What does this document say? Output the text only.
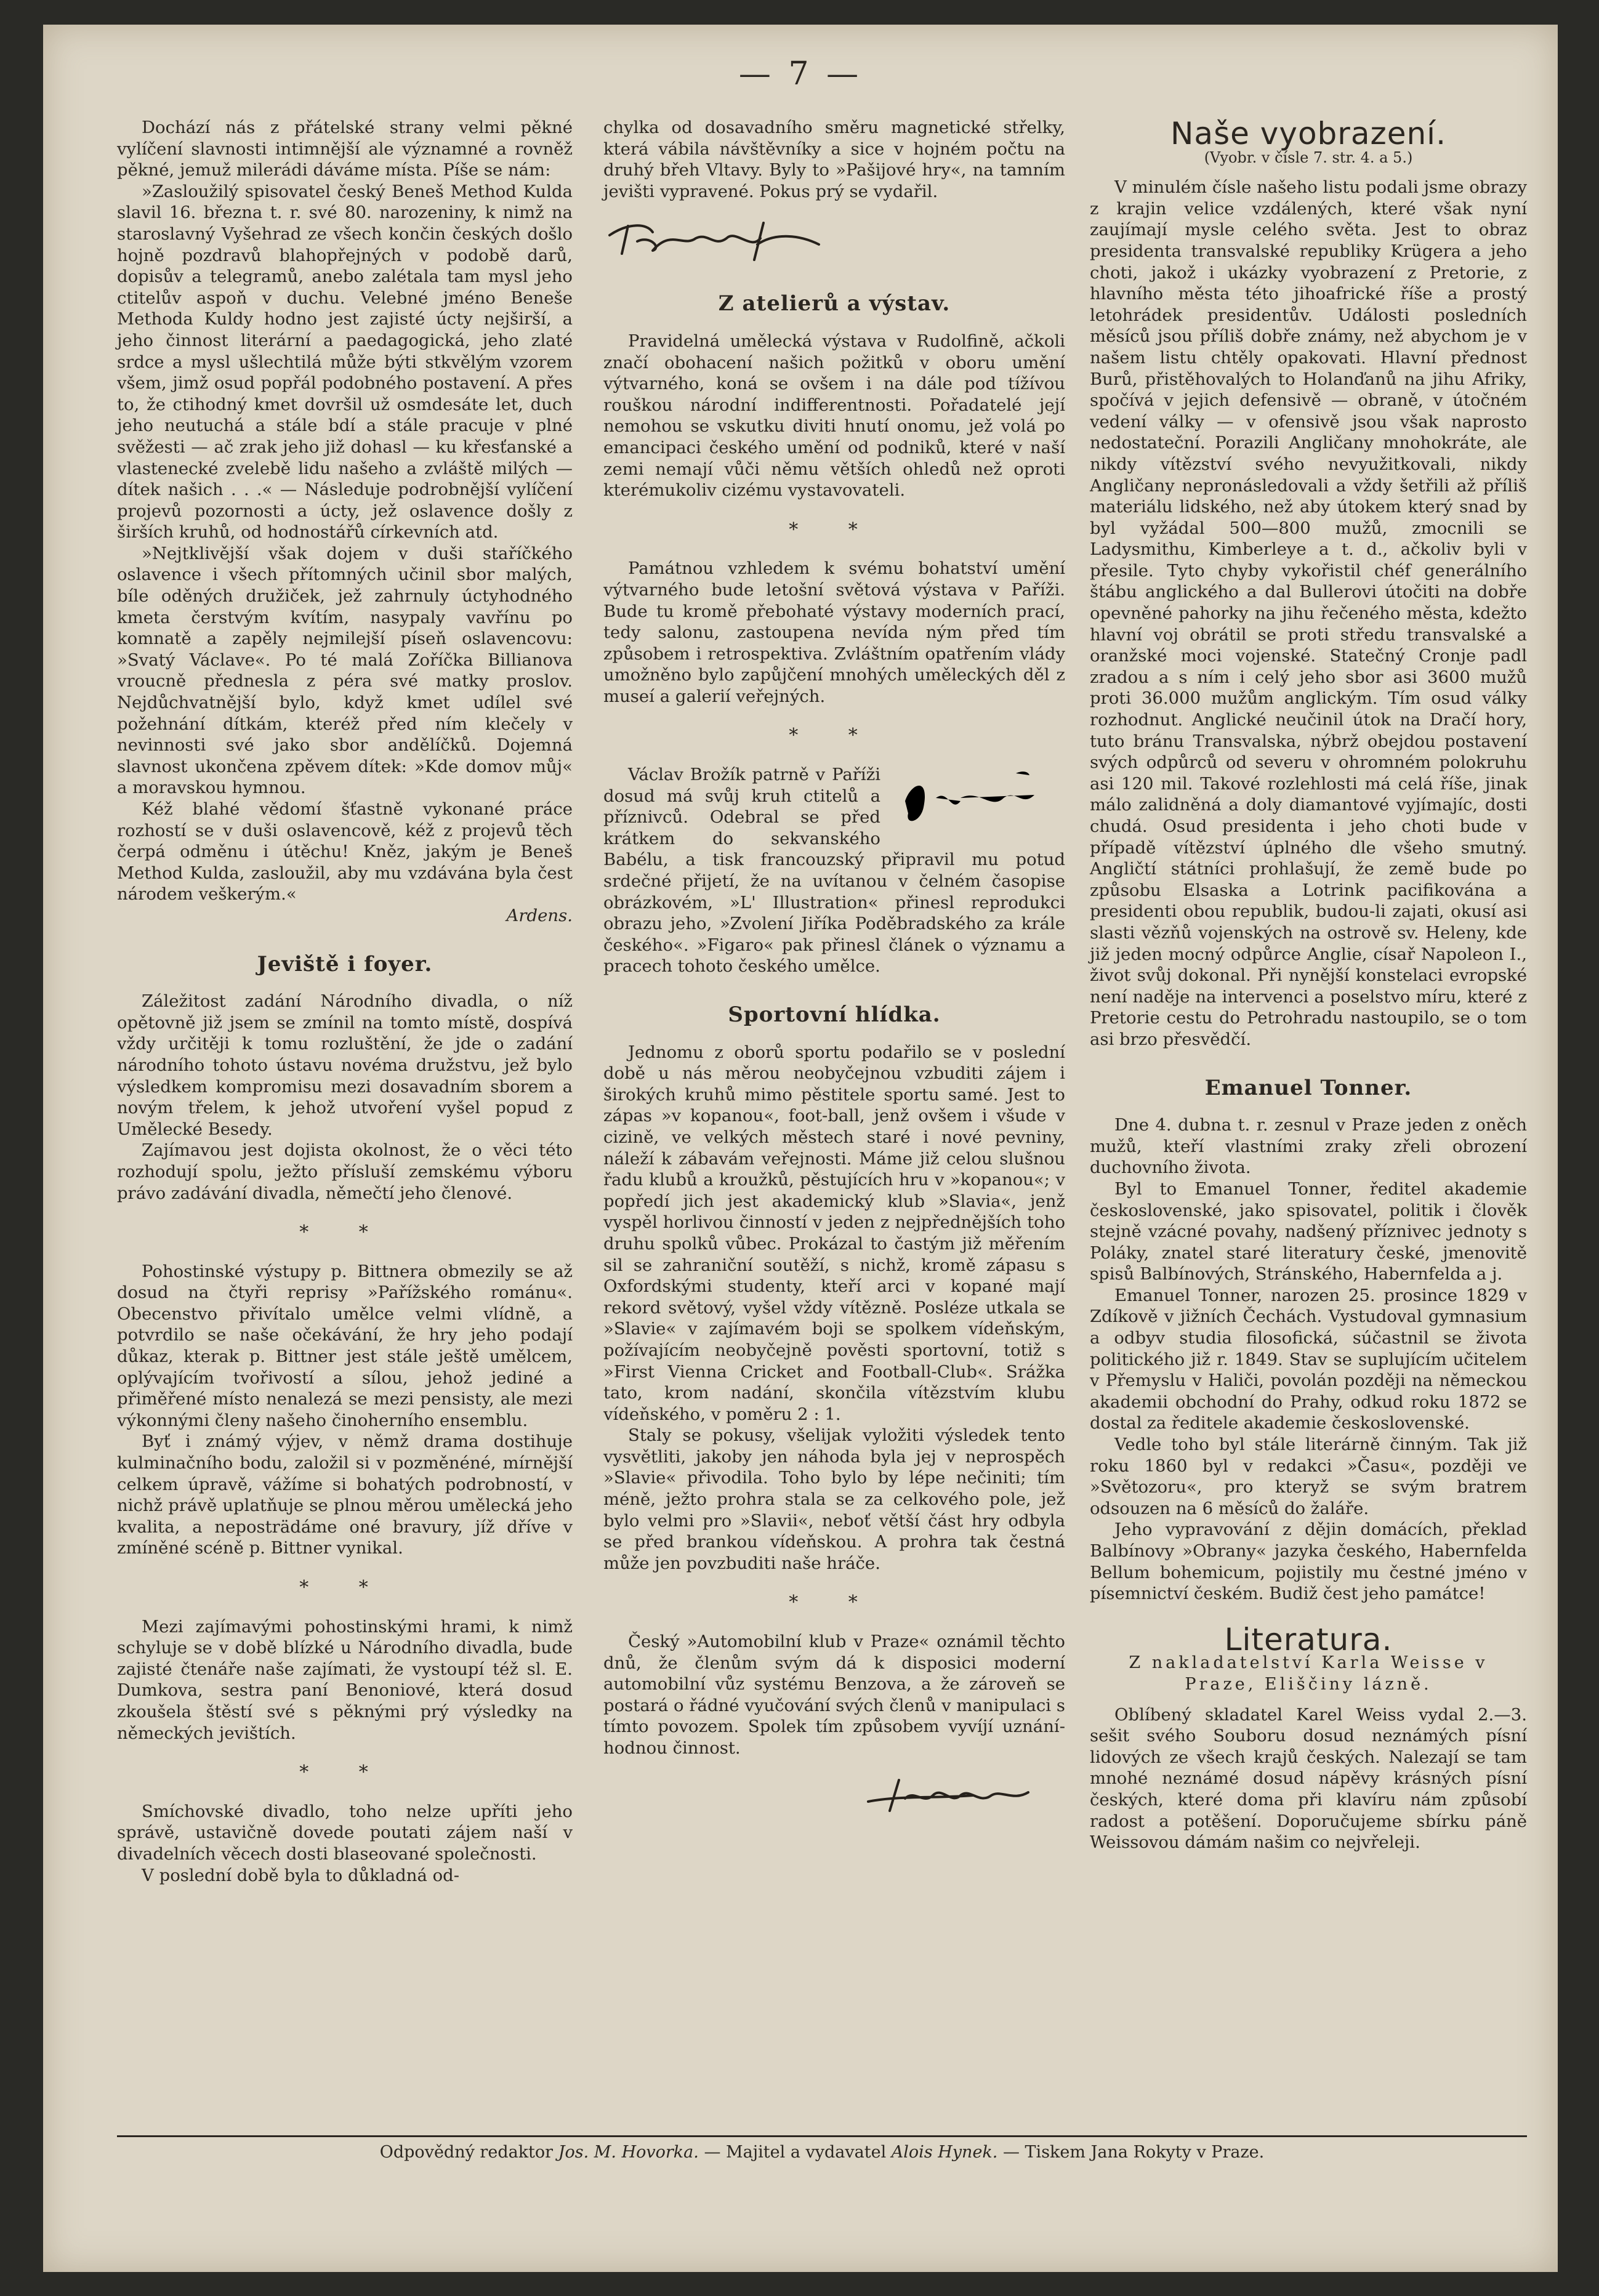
— 7 —

Dochází nás z přátelské strany velmi pěkné vylíčení slavnosti intimnější ale významné a rovněž pěkné, jemuž milerádi dáváme místa. Píše se nám:

»Zasloužilý spisovatel český Beneš Method Kulda slavil 16. března t. r. své 80. narozeniny, k nimž na staroslavný Vyšehrad ze všech končin českých došlo hojně pozdravů blahopřejných v podobě darů, dopisův a telegramů, anebo zalétala tam mysl jeho ctitelův aspoň v duchu. Velebné jméno Beneše Methoda Kuldy hodno jest zajisté úcty nejširší, a jeho činnost literární a paedagogická, jeho zlaté srdce a mysl ušlechtilá může býti stkvělým vzorem všem, jimž osud popřál podobného postavení. A přes to, že ctihodný kmet dovršil už osmdesáte let, duch jeho neutuchá a stále bdí a stále pracuje v plné svěžesti — ač zrak jeho již dohasl — ku křesťanské a vlastenecké zvelebě lidu našeho a zvláště milých — dítek našich . . .« — Následuje podrobnější vylíčení projevů pozornosti a úcty, jež oslavence došly z širších kruhů, od hodnostářů církevních atd.

»Nejtklivější však dojem v duši staříčkého oslavence i všech přítomných učinil sbor malých, bíle oděných družiček, jež zahrnuly úctyhodného kmeta čerstvým kvítím, nasypaly vavřínu po komnatě a zapěly nejmilejší píseň oslavencovu: »Svatý Václave«. Po té malá Zoříčka Billianova vroucně přednesla z péra své matky proslov. Nejdůchvatnější bylo, když kmet udílel své požehnání dítkám, kteréž před ním klečely v nevinnosti své jako sbor andělíčků. Dojemná slavnost ukončena zpěvem dítek: »Kde domov můj« a moravskou hymnou.

Kéž blahé vědomí šťastně vykonané práce rozhostí se v duši oslavencově, kéž z projevů těch čerpá odměnu i útěchu! Kněz, jakým je Beneš Method Kulda, zasloužil, aby mu vzdávána byla čest národem veškerým.«

Ardens.
Jeviště i foyer.

Záležitost zadání Národního divadla, o níž opětovně již jsem se zmínil na tomto místě, dospívá vždy určitěji k tomu rozluštění, že jde o zadání národního tohoto ústavu novéma družstvu, jež bylo výsledkem kompromisu mezi dosavadním sborem a novým třelem, k jehož utvoření vyšel popud z Umělecké Besedy.

Zajímavou jest dojista okolnost, že o věci této rozhodují spolu, ježto přísluší zemskému výboru právo zadávání divadla, němečtí jeho členové.

* *

Pohostinské výstupy p. Bittnera obmezily se až dosud na čtyři reprisy »Pařížského románu«. Obecenstvo přivítalo umělce velmi vlídně, a potvrdilo se naše očekávání, že hry jeho podají důkaz, kterak p. Bittner jest stále ještě umělcem, oplývajícím tvořivostí a sílou, jehož jediné a přiměřené místo nenalezá se mezi pensisty, ale mezi výkonnými členy našeho činoherního ensemblu.

Byť i známý výjev, v němž drama dostihuje kulminačního bodu, založil si v pozměnéné, mírnější celkem úpravě, vážíme si bohatých podrobností, v nichž právě uplatňuje se plnou měrou umělecká jeho kvalita, a neposträdáme oné bravury, jíž dříve v zmíněné scéně p. Bittner vynikal.

* *

Mezi zajímavými pohostinskými hrami, k nimž schyluje se v době blízké u Národního divadla, bude zajisté čtenáře naše zajímati, že vystoupí též sl. E. Dumkova, sestra paní Benoniové, která dosud zkoušela štěstí své s pěknými prý výsledky na německých jevištích.

* *

Smíchovské divadlo, toho nelze upříti jeho správě, ustavičně dovede poutati zájem naší v divadelních věcech dosti blaseované společnosti.

V poslední době byla to důkladná od-

chylka od dosavadního směru magnetické střelky, která vábila návštěvníky a sice v hojném počtu na druhý břeh Vltavy. Byly to »Pašijové hry«, na tamním jevišti vypravené. Pokus prý se vydařil.

Z atelierů a výstav.

Pravidelná umělecká výstava v Rudolfině, ačkoli značí obohacení našich požitků v oboru umění výtvarného, koná se ovšem i na dále pod tížívou rouškou národní indifferentnosti. Pořadatelé její nemohou se vskutku diviti hnutí onomu, jež volá po emancipaci českého umění od podniků, které v naší zemi nemají vůči němu větších ohledů než oproti kterémukoliv cizému vystavovateli.

* *

Památnou vzhledem k svému bohatství umění výtvarného bude letošní světová výstava v Paříži. Bude tu kromě přebohaté výstavy moderních prací, tedy salonu, zastoupena nevída ným před tím způsobem i retrospektiva. Zvláštním opatřením vlády umožněno bylo zapůjčení mnohých uměleckých děl z museí a galerií veřejných.

* *

Václav Brožík patrně v Paříži dosud má svůj kruh ctitelů a příznivců. Odebral se před krátkem do sekvanského Babélu, a tisk francouzský připravil mu potud srdečné přijetí, že na uvítanou v čelném časopise obrázkovém, »L' Illustration« přinesl reprodukci obrazu jeho, »Zvolení Jiříka Poděbradského za krále českého«. »Figaro« pak přinesl článek o významu a pracech tohoto českého umělce.

Sportovní hlídka.

Jednomu z oborů sportu podařilo se v poslední době u nás měrou neobyčejnou vzbuditi zájem i širokých kruhů mimo pěstitele sportu samé. Jest to zápas »v kopanou«, foot-ball, jenž ovšem i všude v cizině, ve velkých městech staré i nové pevniny, náleží k zábavám veřejnosti. Máme již celou slušnou řadu klubů a kroužků, pěstujících hru v »kopanou«; v popředí jich jest akademický klub »Slavia«, jenž vyspěl horlivou činností v jeden z nejpřednějších toho druhu spolků vůbec. Prokázal to častým již měřením sil se zahraniční soutěží, s nichž, kromě zápasu s Oxfordskými studenty, kteří arci v kopané mají rekord světový, vyšel vždy vítězně. Posléze utkala se »Slavie« v zajímavém boji se spolkem vídeňským, požívajícím neobyčejně pověsti sportovní, totiž s »First Vienna Cricket and Football-Club«. Srážka tato, krom nadání, skončila vítězstvím klubu vídeňského, v poměru 2 : 1.

Staly se pokusy, všelijak vyložiti výsledek tento vysvětliti, jakoby jen náhoda byla jej v neprospěch »Slavie« přivodila. Toho bylo by lépe nečiniti; tím méně, ježto prohra stala se za celkového pole, jež bylo velmi pro »Slavii«, neboť větší část hry odbyla se před brankou vídeňskou. A prohra tak čestná může jen povzbuditi naše hráče.

* *

Český »Automobilní klub v Praze« oznámil těchto dnů, že členům svým dá k disposici moderní automobilní vůz systému Benzova, a že zároveň se postará o řádné vyučování svých členů v manipulaci s tímto povozem. Spolek tím způsobem vyvíjí uznáníhodnou činnost.

Naše vyobrazení.
(Vyobr. v čísle 7. str. 4. a 5.)

V minulém čísle našeho listu podali jsme obrazy z krajin velice vzdálených, které však nyní zaujímají mysle celého světa. Jest to obraz presidenta transvalské republiky Krügera a jeho choti, jakož i ukázky vyobrazení z Pretorie, z hlavního města této jihoafrické říše a prostý letohrádek presidentův. Události posledních měsíců jsou příliš dobře známy, než abychom je v našem listu chtěly opakovati. Hlavní přednost Burů, přistěhovalých to Holanďanů na jihu Afriky, spočívá v jejich defensivě — obraně, v útočném vedení války — v ofensivě jsou však naprosto nedostateční. Porazili Angličany mnohokráte, ale nikdy vítězství svého nevyužitkovali, nikdy Angličany nepronásledovali a vždy šetřili až příliš materiálu lidského, než aby útokem který snad by byl vyžádal 500—800 mužů, zmocnili se Ladysmithu, Kimberleye a t. d., ačkoliv byli v přesile. Tyto chyby vykořistil chéf generálního štábu anglického a dal Bullerovi útočiti na dobře opevněné pahorky na jihu řečeného města, kdežto hlavní voj obrátil se proti středu transvalské a oranžské moci vojenské. Statečný Cronje padl zradou a s ním i celý jeho sbor asi 3600 mužů proti 36.000 mužům anglickým. Tím osud války rozhodnut. Anglické neučinil útok na Dračí hory, tuto bránu Transvalska, nýbrž obejdou postavení svých odpůrců od severu v ohromném polokruhu asi 120 mil. Takové rozlehlosti má celá říše, jinak málo zalidněná a doly diamantové vyjímajíc, dosti chudá. Osud presidenta i jeho choti bude v případě vítězství úplného dle všeho smutný. Angličtí státníci prohlašují, že země bude po způsobu Elsaska a Lotrink pacifikována a presidenti obou republik, budou-li zajati, okusí asi slasti vězňů vojenských na ostrově sv. Heleny, kde již jeden mocný odpůrce Anglie, císař Napoleon I., život svůj dokonal. Při nynější konstelaci evropské není naděje na intervenci a poselstvo míru, které z Pretorie cestu do Petrohradu nastoupilo, se o tom asi brzo přesvědčí.

Emanuel Tonner.

Dne 4. dubna t. r. zesnul v Praze jeden z oněch mužů, kteří vlastními zraky zřeli obrození duchovního života.

Byl to Emanuel Tonner, ředitel akademie československé, jako spisovatel, politik i člověk stejně vzácné povahy, nadšený příznivec jednoty s Poláky, znatel staré literatury české, jmenovitě spisů Balbínových, Stránského, Habernfelda a j.

Emanuel Tonner, narozen 25. prosince 1829 v Zdíkově v jižních Čechách. Vystudoval gymnasium a odbyv studia filosofická, súčastnil se života politického již r. 1849. Stav se suplujícím učitelem v Přemyslu v Haliči, povolán později na německou akademii obchodní do Prahy, odkud roku 1872 se dostal za ředitele akademie československé.

Vedle toho byl stále literárně činným. Tak již roku 1860 byl v redakci »Času«, později ve »Světozoru«, pro kteryž se svým bratrem odsouzen na 6 měsíců do žaláře.

Jeho vypravování z dějin domácích, překlad Balbínovy »Obrany« jazyka českého, Habernfelda Bellum bohemicum, pojistily mu čestné jméno v písemnictví českém. Budiž čest jeho památce!

Literatura.
Z nakladatelství Karla Weisse v Praze, Eliščiny lázně.

Oblíbený skladatel Karel Weiss vydal 2.—3. sešit svého Souboru dosud neznámých písní lidových ze všech krajů českých. Nalezají se tam mnohé neznámé dosud nápěvy krásných písní českých, které doma při klavíru nám způsobí radost a potěšení. Doporučujeme sbírku páně Weissovou dámám našim co nejvřeleji.

Odpovědný redaktor Jos. M. Hovorka. — Majitel a vydavatel Alois Hynek. — Tiskem Jana Rokyty v Praze.
